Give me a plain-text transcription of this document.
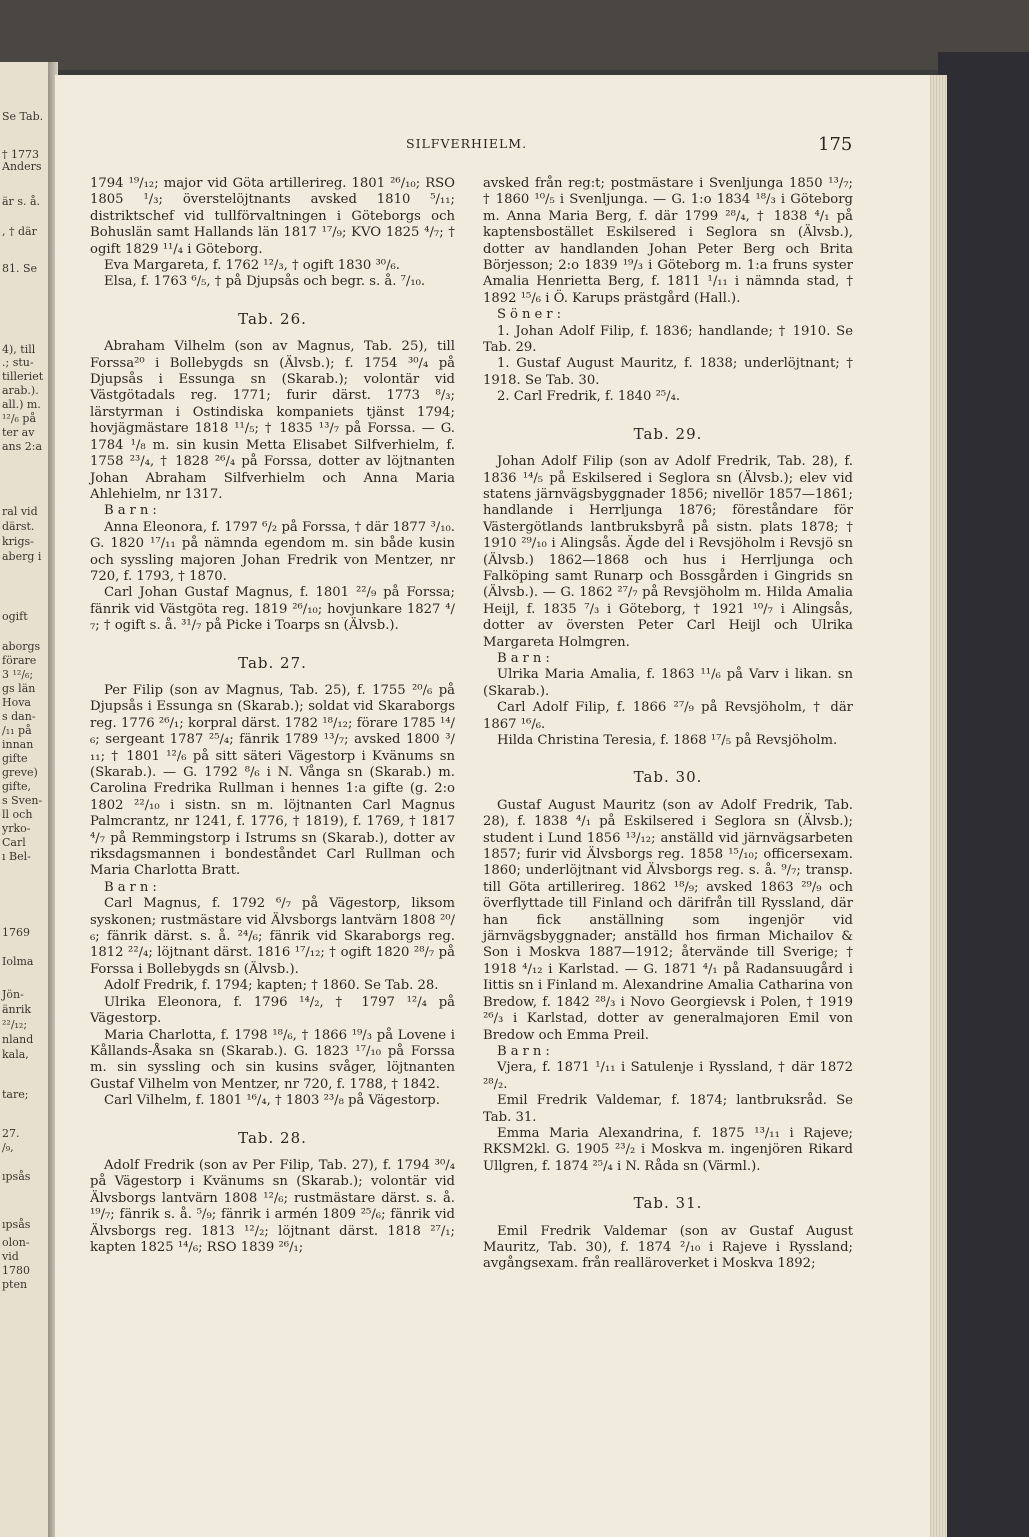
Se Tab.
† 1773
Anders
är s. å.
, † där
81. Se
4), till
.; stu-
tilleriet
arab.).
all.) m.
¹²/₆ på
ter av
ans 2:a
ral vid
därst.
krigs-
aberg i
ogift
aborgs
förare
3 ¹²/₆;
gs län
Hova
s dan-
/₁₁ på
innan
gifte
greve)
gifte,
s Sven-
ll och
yrko-
Carl
ı Bel-
1769
Iolma
Jön-
änrik
²²/₁₂;
nland
kala,
tare;
27.
/₉,
ıpsås
ıpsås
olon-
vid
1780
pten
SILFVERHIELM.	175

1794 ¹⁹/₁₂; major vid Göta artillerireg. 1801 ²⁶/₁₀; RSO 1805 ¹/₃; överstelöjtnants avsked 1810 ⁵/₁₁; distriktschef vid tullförvaltningen i Göteborgs och Bohuslän samt Hallands län 1817 ¹⁷/₉; KVO 1825 ⁴/₇; † ogift 1829 ¹¹/₄ i Göteborg.

Eva Margareta, f. 1762 ¹²/₃, † ogift 1830 ³⁰/₆.

Elsa, f. 1763 ⁶/₅, † på Djupsås och begr. s. å. ⁷/₁₀.

Tab. 26.

Abraham Vilhelm (son av Magnus, Tab. 25), till Forssa²⁰ i Bollebygds sn (Älvsb.); f. 1754 ³⁰/₄ på Djupsås i Essunga sn (Skarab.); volontär vid Västgötadals reg. 1771; furir därst. 1773 ⁸/₃; lärstyrman i Ostindiska kompaniets tjänst 1794; hovjägmästare 1818 ¹¹/₅; † 1835 ¹³/₇ på Forssa. — G. 1784 ¹/₈ m. sin kusin Metta Elisabet Silfverhielm, f. 1758 ²³/₄, † 1828 ²⁶/₄ på Forssa, dotter av löjtnanten Johan Abraham Silfverhielm och Anna Maria Ahlehielm, nr 1317.

Barn:

Anna Eleonora, f. 1797 ⁶/₂ på Forssa, † där 1877 ³/₁₀. G. 1820 ¹⁷/₁₁ på nämnda egendom m. sin både kusin och syssling majoren Johan Fredrik von Mentzer, nr 720, f. 1793, † 1870.

Carl Johan Gustaf Magnus, f. 1801 ²²/₉ på Forssa; fänrik vid Västgöta reg. 1819 ²⁶/₁₀; hovjunkare 1827 ⁴/₇; † ogift s. å. ³¹/₇ på Picke i Toarps sn (Älvsb.).

Tab. 27.

Per Filip (son av Magnus, Tab. 25), f. 1755 ²⁰/₆ på Djupsås i Essunga sn (Skarab.); soldat vid Skaraborgs reg. 1776 ²⁶/₁; korpral därst. 1782 ¹⁸/₁₂; förare 1785 ¹⁴/₆; sergeant 1787 ²⁵/₄; fänrik 1789 ¹³/₇; avsked 1800 ³/₁₁; † 1801 ¹²/₆ på sitt säteri Vägestorp i Kvänums sn (Skarab.). — G. 1792 ⁸/₆ i N. Vånga sn (Skarab.) m. Carolina Fredrika Rullman i hennes 1:a gifte (g. 2:o 1802 ²²/₁₀ i sistn. sn m. löjtnanten Carl Magnus Palmcrantz, nr 1241, f. 1776, † 1819), f. 1769, † 1817 ⁴/₇ på Remmingstorp i Istrums sn (Skarab.), dotter av riksdagsmannen i bondeståndet Carl Rullman och Maria Charlotta Bratt.

Barn:

Carl Magnus, f. 1792 ⁶/₇ på Vägestorp, liksom syskonen; rustmästare vid Älvsborgs lantvärn 1808 ²⁰/₆; fänrik därst. s. å. ²⁴/₆; fänrik vid Skaraborgs reg. 1812 ²²/₄; löjtnant därst. 1816 ¹⁷/₁₂; † ogift 1820 ²⁸/₇ på Forssa i Bollebygds sn (Älvsb.).

Adolf Fredrik, f. 1794; kapten; † 1860. Se Tab. 28.

Ulrika Eleonora, f. 1796 ¹⁴/₂, † 1797 ¹²/₄ på Vägestorp.

Maria Charlotta, f. 1798 ¹⁸/₆, † 1866 ¹⁹/₃ på Lovene i Kållands-Åsaka sn (Skarab.). G. 1823 ¹⁷/₁₀ på Forssa m. sin syssling och sin kusins svåger, löjtnanten Gustaf Vilhelm von Mentzer, nr 720, f. 1788, † 1842.

Carl Vilhelm, f. 1801 ¹⁶/₄, † 1803 ²³/₈ på Vägestorp.

Tab. 28.

Adolf Fredrik (son av Per Filip, Tab. 27), f. 1794 ³⁰/₄ på Vägestorp i Kvänums sn (Skarab.); volontär vid Älvsborgs lantvärn 1808 ¹²/₆; rustmästare därst. s. å. ¹⁹/₇; fänrik s. å. ⁵/₉; fänrik i armén 1809 ²⁵/₆; fänrik vid Älvsborgs reg. 1813 ¹²/₂; löjtnant därst. 1818 ²⁷/₁; kapten 1825 ¹⁴/₆; RSO 1839 ²⁶/₁;

avsked från reg:t; postmästare i Svenljunga 1850 ¹³/₇; † 1860 ¹⁰/₅ i Svenljunga. — G. 1:o 1834 ¹⁸/₃ i Göteborg m. Anna Maria Berg, f. där 1799 ²⁸/₄, † 1838 ⁴/₁ på kaptensbostället Eskilsered i Seglora sn (Älvsb.), dotter av handlanden Johan Peter Berg och Brita Börjesson; 2:o 1839 ¹⁹/₃ i Göteborg m. 1:a fruns syster Amalia Henrietta Berg, f. 1811 ¹/₁₁ i nämnda stad, † 1892 ¹⁵/₆ i Ö. Karups prästgård (Hall.).

Söner:

1. Johan Adolf Filip, f. 1836; handlande; † 1910. Se Tab. 29.

1. Gustaf August Mauritz, f. 1838; underlöjtnant; † 1918. Se Tab. 30.

2. Carl Fredrik, f. 1840 ²⁵/₄.

Tab. 29.

Johan Adolf Filip (son av Adolf Fredrik, Tab. 28), f. 1836 ¹⁴/₅ på Eskilsered i Seglora sn (Älvsb.); elev vid statens järnvägsbyggnader 1856; nivellör 1857—1861; handlande i Herrljunga 1876; föreståndare för Västergötlands lantbruksbyrå på sistn. plats 1878; † 1910 ²⁹/₁₀ i Alingsås. Ägde del i Revsjöholm i Revsjö sn (Älvsb.) 1862—1868 och hus i Herrljunga och Falköping samt Runarp och Bossgården i Gingrids sn (Älvsb.). — G. 1862 ²⁷/₇ på Revsjöholm m. Hilda Amalia Heijl, f. 1835 ⁷/₃ i Göteborg, † 1921 ¹⁰/₇ i Alingsås, dotter av översten Peter Carl Heijl och Ulrika Margareta Holmgren.

Barn:

Ulrika Maria Amalia, f. 1863 ¹¹/₆ på Varv i likan. sn (Skarab.).

Carl Adolf Filip, f. 1866 ²⁷/₉ på Revsjöholm, † där 1867 ¹⁶/₆.

Hilda Christina Teresia, f. 1868 ¹⁷/₅ på Revsjöholm.

Tab. 30.

Gustaf August Mauritz (son av Adolf Fredrik, Tab. 28), f. 1838 ⁴/₁ på Eskilsered i Seglora sn (Älvsb.); student i Lund 1856 ¹³/₁₂; anställd vid järnvägsarbeten 1857; furir vid Älvsborgs reg. 1858 ¹⁵/₁₀; officersexam. 1860; underlöjtnant vid Älvsborgs reg. s. å. ⁹/₇; transp. till Göta artillerireg. 1862 ¹⁸/₉; avsked 1863 ²⁹/₉ och överflyttade till Finland och därifrån till Ryssland, där han fick anställning som ingenjör vid järnvägsbyggnader; anställd hos firman Michailov & Son i Moskva 1887—1912; återvände till Sverige; † 1918 ⁴/₁₂ i Karlstad. — G. 1871 ⁴/₁ på Radansuugård i Iittis sn i Finland m. Alexandrine Amalia Catharina von Bredow, f. 1842 ²⁸/₃ i Novo Georgievsk i Polen, † 1919 ²⁶/₃ i Karlstad, dotter av generalmajoren Emil von Bredow och Emma Preil.

Barn:

Vjera, f. 1871 ¹/₁₁ i Satulenje i Ryssland, † där 1872 ²⁸/₂.

Emil Fredrik Valdemar, f. 1874; lantbruksråd. Se Tab. 31.

Emma Maria Alexandrina, f. 1875 ¹³/₁₁ i Rajeve; RKSM2kl. G. 1905 ²³/₂ i Moskva m. ingenjören Rikard Ullgren, f. 1874 ²⁵/₄ i N. Råda sn (Värml.).

Tab. 31.

Emil Fredrik Valdemar (son av Gustaf August Mauritz, Tab. 30), f. 1874 ²/₁₀ i Rajeve i Ryssland; avgångsexam. från realläroverket i Moskva 1892;
